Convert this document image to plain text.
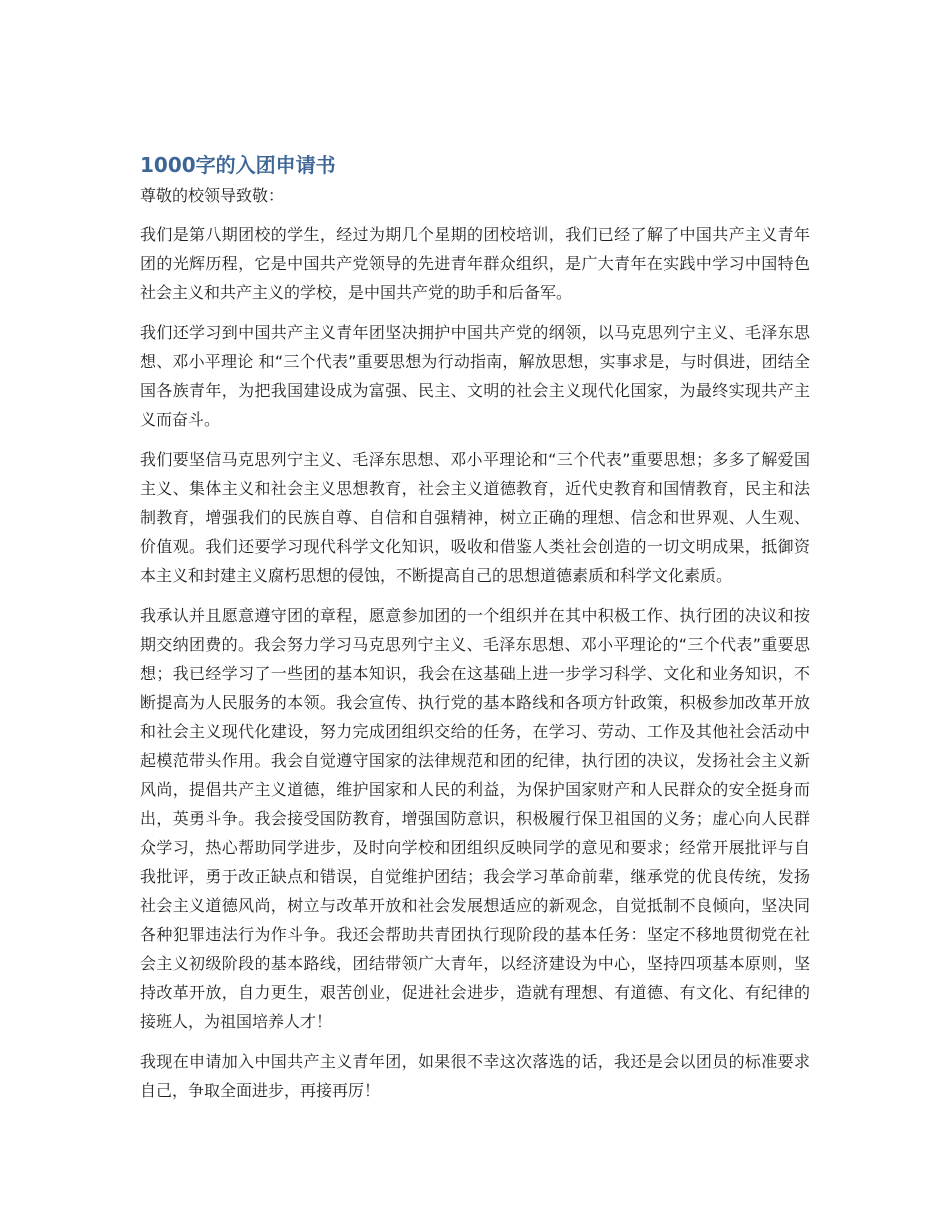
1000字的入团申请书

尊敬的校领导致敬：

我们是第八期团校的学生，经过为期几个星期的团校培训，我们已经了解了中国共产主义青年团的光辉历程，它是中国共产党领导的先进青年群众组织，是广大青年在实践中学习中国特色社会主义和共产主义的学校，是中国共产党的助手和后备军。

我们还学习到中国共产主义青年团坚决拥护中国共产党的纲领，以马克思列宁主义、毛泽东思想、邓小平理论 和“三个代表”重要思想为行动指南，解放思想，实事求是，与时俱进，团结全国各族青年，为把我国建设成为富强、民主、文明的社会主义现代化国家，为最终实现共产主义而奋斗。

我们要坚信马克思列宁主义、毛泽东思想、邓小平理论和“三个代表”重要思想；多多了解爱国主义、集体主义和社会主义思想教育，社会主义道德教育，近代史教育和国情教育，民主和法制教育，增强我们的民族自尊、自信和自强精神，树立正确的理想、信念和世界观、人生观、价值观。我们还要学习现代科学文化知识，吸收和借鉴人类社会创造的一切文明成果，抵御资本主义和封建主义腐朽思想的侵蚀，不断提高自己的思想道德素质和科学文化素质。

我承认并且愿意遵守团的章程，愿意参加团的一个组织并在其中积极工作、执行团的决议和按期交纳团费的。我会努力学习马克思列宁主义、毛泽东思想、邓小平理论的“三个代表”重要思想；我已经学习了一些团的基本知识，我会在这基础上进一步学习科学、文化和业务知识，不断提高为人民服务的本领。我会宣传、执行党的基本路线和各项方针政策，积极参加改革开放和社会主义现代化建设，努力完成团组织交给的任务，在学习、劳动、工作及其他社会活动中起模范带头作用。我会自觉遵守国家的法律规范和团的纪律，执行团的决议，发扬社会主义新风尚，提倡共产主义道德，维护国家和人民的利益，为保护国家财产和人民群众的安全挺身而出，英勇斗争。我会接受国防教育，增强国防意识，积极履行保卫祖国的义务；虚心向人民群众学习，热心帮助同学进步，及时向学校和团组织反映同学的意见和要求；经常开展批评与自我批评，勇于改正缺点和错误，自觉维护团结；我会学习革命前辈，继承党的优良传统，发扬社会主义道德风尚，树立与改革开放和社会发展想适应的新观念，自觉抵制不良倾向，坚决同各种犯罪违法行为作斗争。我还会帮助共青团执行现阶段的基本任务：坚定不移地贯彻党在社会主义初级阶段的基本路线，团结带领广大青年，以经济建设为中心，坚持四项基本原则，坚持改革开放，自力更生，艰苦创业，促进社会进步，造就有理想、有道德、有文化、有纪律的接班人，为祖国培养人才！

我现在申请加入中国共产主义青年团，如果很不幸这次落选的话，我还是会以团员的标准要求自己，争取全面进步，再接再厉！
